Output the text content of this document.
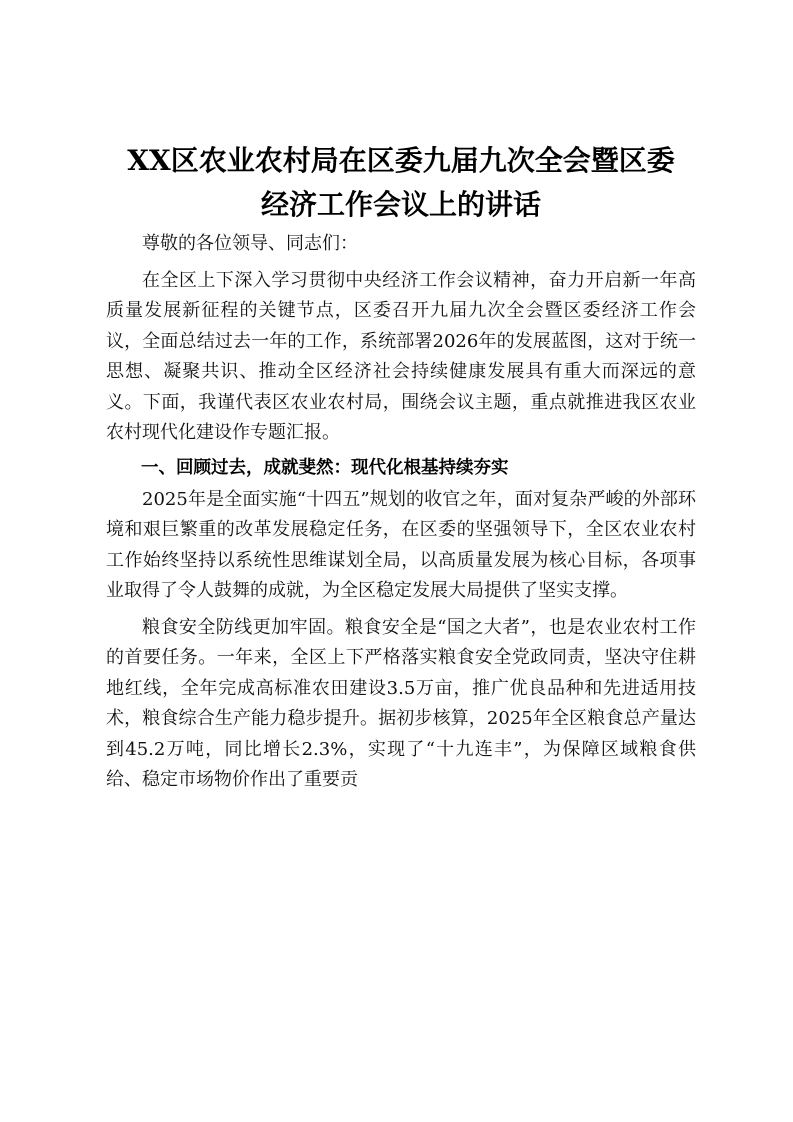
XX区农业农村局在区委九届九次全会暨区委
经济工作会议上的讲话

尊敬的各位领导、同志们：

在全区上下深入学习贯彻中央经济工作会议精神，奋力开启新一年高质量发展新征程的关键节点，区委召开九届九次全会暨区委经济工作会议，全面总结过去一年的工作，系统部署2026年的发展蓝图，这对于统一思想、凝聚共识、推动全区经济社会持续健康发展具有重大而深远的意义。下面，我谨代表区农业农村局，围绕会议主题，重点就推进我区农业农村现代化建设作专题汇报。

一、回顾过去，成就斐然：现代化根基持续夯实

2025年是全面实施“十四五”规划的收官之年，面对复杂严峻的外部环境和艰巨繁重的改革发展稳定任务，在区委的坚强领导下，全区农业农村工作始终坚持以系统性思维谋划全局，以高质量发展为核心目标，各项事业取得了令人鼓舞的成就，为全区稳定发展大局提供了坚实支撑。

粮食安全防线更加牢固。粮食安全是“国之大者”，也是农业农村工作的首要任务。一年来，全区上下严格落实粮食安全党政同责，坚决守住耕地红线，全年完成高标准农田建设3.5万亩，推广优良品种和先进适用技术，粮食综合生产能力稳步提升。据初步核算，2025年全区粮食总产量达到45.2万吨，同比增长2.3%，实现了“十九连丰”，为保障区域粮食供给、稳定市场物价作出了重要贡
